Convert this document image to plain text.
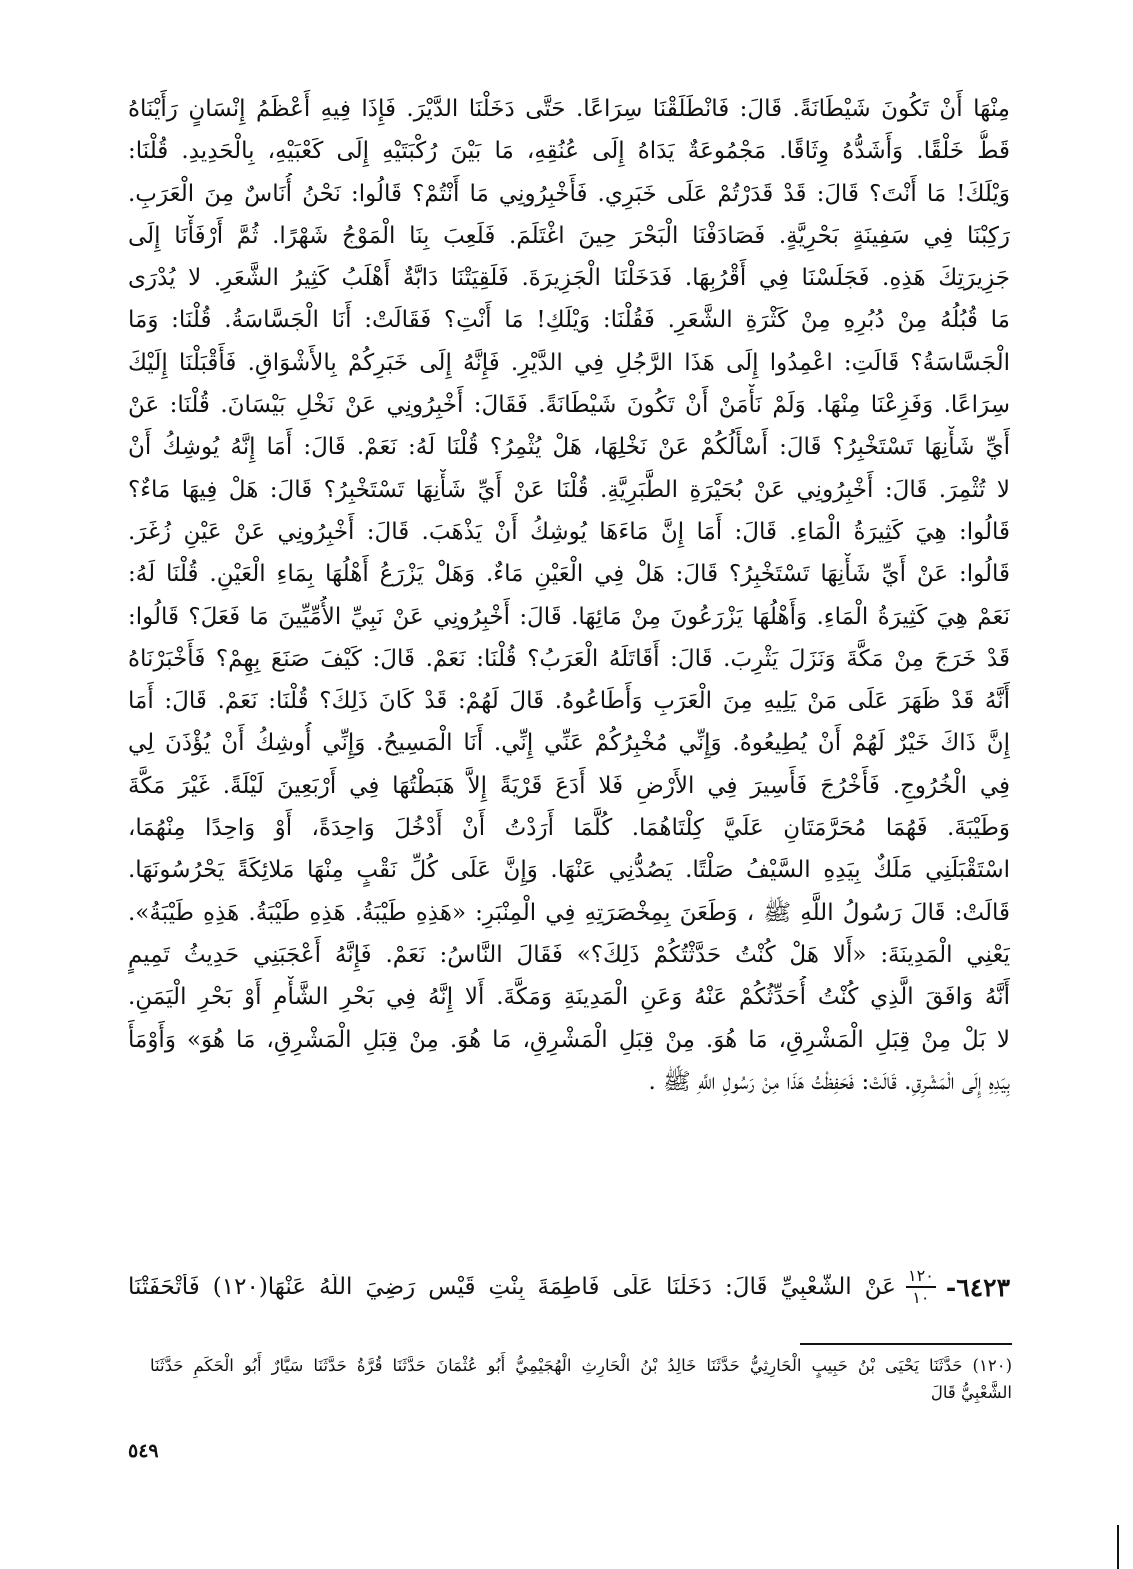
مِنْهَا أَنْ تَكُونَ شَيْطَانَةً. قَالَ: فَانْطَلَقْنَا سِرَاعًا. حَتَّى دَخَلْنَا الدَّيْرَ. فَإِذَا فِيهِ أَعْظَمُ إِنْسَانٍ رَأَيْنَاهُ
قَطُّ خَلْقًا. وَأَشَدُّهُ وِثَاقًا. مَجْمُوعَةٌ يَدَاهُ إِلَى عُنُقِهِ، مَا بَيْنَ رُكْبَتَيْهِ إِلَى كَعْبَيْهِ، بِالْحَدِيدِ. قُلْنَا:
وَيْلَكَ! مَا أَنْتَ؟ قَالَ: قَدْ قَدَرْتُمْ عَلَى خَبَرِي. فَأَخْبِرُونِي مَا أَنْتُمْ؟ قَالُوا: نَحْنُ أُنَاسٌ مِنَ الْعَرَبِ.
رَكِبْنَا فِي سَفِينَةٍ بَحْرِيَّةٍ. فَصَادَفْنَا الْبَحْرَ حِينَ اغْتَلَمَ. فَلَعِبَ بِنَا الْمَوْجُ شَهْرًا. ثُمَّ أَرْفَأْنَا إِلَى
جَزِيرَتِكَ هَذِهِ. فَجَلَسْنَا فِي أَقْرُبِهَا. فَدَخَلْنَا الْجَزِيرَةَ. فَلَقِيَتْنَا دَابَّةٌ أَهْلَبُ كَثِيرُ الشَّعَرِ. لا يُدْرَى
مَا قُبُلُهُ مِنْ دُبُرِهِ مِنْ كَثْرَةِ الشَّعَرِ. فَقُلْنَا: وَيْلَكِ! مَا أَنْتِ؟ فَقَالَتْ: أَنَا الْجَسَّاسَةُ. قُلْنَا: وَمَا
الْجَسَّاسَةُ؟ قَالَتِ: اعْمِدُوا إِلَى هَذَا الرَّجُلِ فِي الدَّيْرِ. فَإِنَّهُ إِلَى خَبَرِكُمْ بِالأَشْوَاقِ. فَأَقْبَلْنَا إِلَيْكَ
سِرَاعًا. وَفَزِعْنَا مِنْهَا. وَلَمْ نَأْمَنْ أَنْ تَكُونَ شَيْطَانَةً. فَقَالَ: أَخْبِرُونِي عَنْ نَخْلِ بَيْسَانَ. قُلْنَا: عَنْ
أَيِّ شَأْنِهَا تَسْتَخْبِرُ؟ قَالَ: أَسْأَلُكُمْ عَنْ نَخْلِهَا، هَلْ يُثْمِرُ؟ قُلْنَا لَهُ: نَعَمْ. قَالَ: أَمَا إِنَّهُ يُوشِكُ أَنْ
لا تُثْمِرَ. قَالَ: أَخْبِرُونِي عَنْ بُحَيْرَةِ الطَّبَرِيَّةِ. قُلْنَا عَنْ أَيِّ شَأْنِهَا تَسْتَخْبِرُ؟ قَالَ: هَلْ فِيهَا مَاءٌ؟
قَالُوا: هِيَ كَثِيرَةُ الْمَاءِ. قَالَ: أَمَا إِنَّ مَاءَهَا يُوشِكُ أَنْ يَذْهَبَ. قَالَ: أَخْبِرُونِي عَنْ عَيْنِ زُغَرَ.
قَالُوا: عَنْ أَيِّ شَأْنِهَا تَسْتَخْبِرُ؟ قَالَ: هَلْ فِي الْعَيْنِ مَاءٌ. وَهَلْ يَزْرَعُ أَهْلُهَا بِمَاءِ الْعَيْنِ. قُلْنَا لَهُ:
نَعَمْ هِيَ كَثِيرَةُ الْمَاءِ. وَأَهْلُهَا يَزْرَعُونَ مِنْ مَائِهَا. قَالَ: أَخْبِرُونِي عَنْ نَبِيِّ الأُمِّيِّينَ مَا فَعَلَ؟ قَالُوا:
قَدْ خَرَجَ مِنْ مَكَّةَ وَنَزَلَ يَثْرِبَ. قَالَ: أَقَاتَلَهُ الْعَرَبُ؟ قُلْنَا: نَعَمْ. قَالَ: كَيْفَ صَنَعَ بِهِمْ؟ فَأَخْبَرْنَاهُ
أَنَّهُ قَدْ ظَهَرَ عَلَى مَنْ يَلِيهِ مِنَ الْعَرَبِ وَأَطَاعُوهُ. قَالَ لَهُمْ: قَدْ كَانَ ذَلِكَ؟ قُلْنَا: نَعَمْ. قَالَ: أَمَا
إِنَّ ذَاكَ خَيْرٌ لَهُمْ أَنْ يُطِيعُوهُ. وَإِنِّي مُخْبِرُكُمْ عَنِّي إِنِّي. أَنَا الْمَسِيحُ. وَإِنِّي أُوشِكُ أَنْ يُؤْذَنَ لِي
فِي الْخُرُوجِ. فَأَخْرُجَ فَأَسِيرَ فِي الأَرْضِ فَلا أَدَعَ قَرْيَةً إِلاَّ هَبَطْتُهَا فِي أَرْبَعِينَ لَيْلَةً. غَيْرَ مَكَّةَ
وَطَيْبَةَ. فَهُمَا مُحَرَّمَتَانِ عَلَيَّ كِلْتَاهُمَا. كُلَّمَا أَرَدْتُ أَنْ أَدْخُلَ وَاحِدَةً، أَوْ وَاحِدًا مِنْهُمَا،
اسْتَقْبَلَنِي مَلَكٌ بِيَدِهِ السَّيْفُ صَلْتًا. يَصُدُّنِي عَنْهَا. وَإِنَّ عَلَى كُلِّ نَقْبٍ مِنْهَا مَلائِكَةً يَحْرُسُونَهَا.
قَالَتْ: قَالَ رَسُولُ اللَّهِ ﷺ ، وَطَعَنَ بِمِخْصَرَتِهِ فِي الْمِنْبَرِ: «هَذِهِ طَيْبَةُ. هَذِهِ طَيْبَةُ. هَذِهِ طَيْبَةُ».
يَعْنِي الْمَدِينَةَ: «أَلا هَلْ كُنْتُ حَدَّثْتُكُمْ ذَلِكَ؟» فَقَالَ النَّاسُ: نَعَمْ. فَإِنَّهُ أَعْجَبَنِي حَدِيثُ تَمِيمٍ
أَنَّهُ وَافَقَ الَّذِي كُنْتُ أُحَدِّثُكُمْ عَنْهُ وَعَنِ الْمَدِينَةِ وَمَكَّةَ. أَلا إِنَّهُ فِي بَحْرِ الشَّأْمِ أَوْ بَحْرِ الْيَمَنِ.
لا بَلْ مِنْ قِبَلِ الْمَشْرِقِ، مَا هُوَ. مِنْ قِبَلِ الْمَشْرِقِ، مَا هُوَ. مِنْ قِبَلِ الْمَشْرِقِ، مَا هُوَ» وَأَوْمَأَ
بِيَدِهِ إِلَى الْمَشْرِقِ. قَالَتْ: فَحَفِظْتُ هَذَا مِنْ رَسُولِ اللَّهِ ﷺ .
٦٤٢٣-
$\frac{١٢٠}{١٠}$
عَنْ الشَّعْبِيِّ قَالَ: دَخَلْنَا عَلَى فَاطِمَةَ بِنْتِ قَيْسٍ رَضِيَ اللَّهُ عَنْهَا(١٢٠) فَأَتْحَفَتْنَا
(١٢٠) حَدَّثَنَا يَحْيَى بْنُ حَبِيبٍ الْحَارِثِيُّ حَدَّثَنَا خَالِدُ بْنُ الْحَارِثِ الْهُجَيْمِيُّ أَبُو عُثْمَانَ حَدَّثَنَا قُرَّةُ حَدَّثَنَا سَيَّارٌ أَبُو الْحَكَمِ حَدَّثَنَا
الشَّعْبِيُّ قَالَ
٥٤٩
